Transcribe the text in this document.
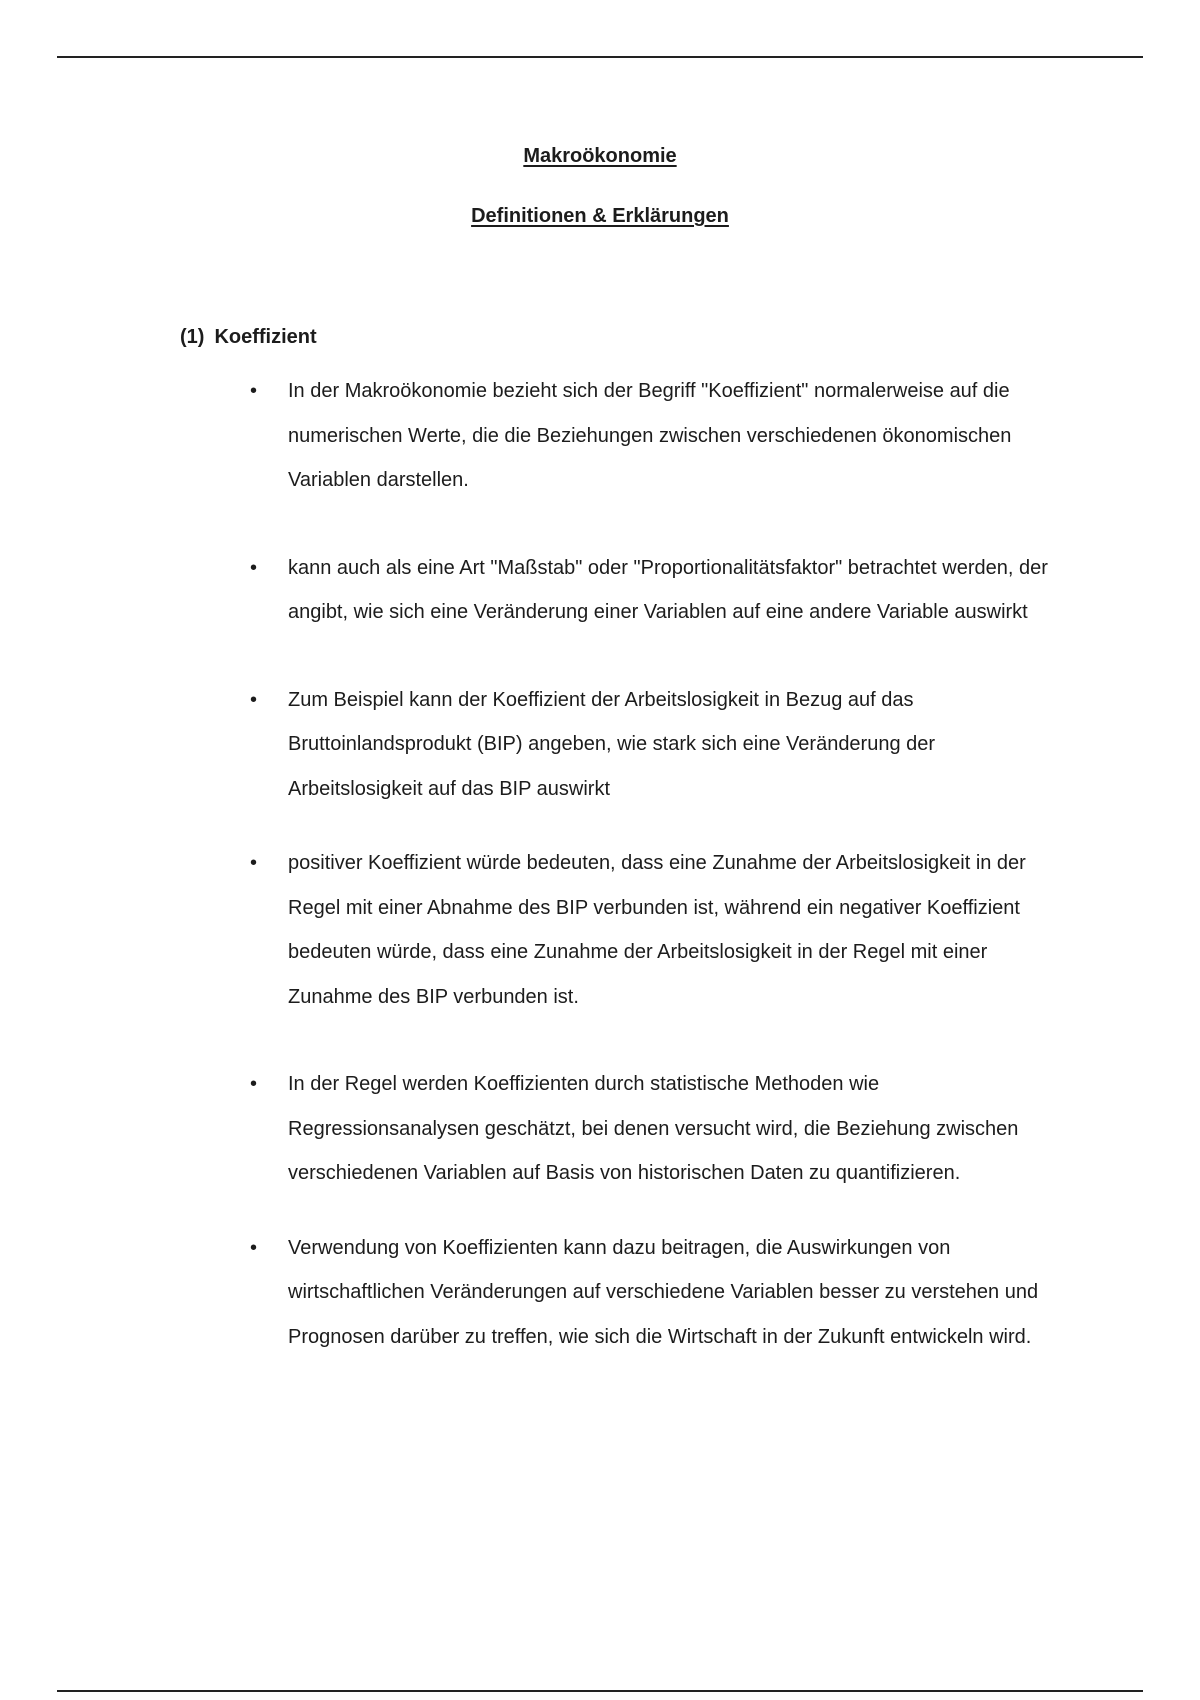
Makroökonomie
Definitionen & Erklärungen
(1) Koeffizient
• In der Makroökonomie bezieht sich der Begriff "Koeffizient" normalerweise auf die numerischen Werte, die die Beziehungen zwischen verschiedenen ökonomischen Variablen darstellen.
• kann auch als eine Art "Maßstab" oder "Proportionalitätsfaktor" betrachtet werden, der angibt, wie sich eine Veränderung einer Variablen auf eine andere Variable auswirkt
• Zum Beispiel kann der Koeffizient der Arbeitslosigkeit in Bezug auf das Bruttoinlandsprodukt (BIP) angeben, wie stark sich eine Veränderung der Arbeitslosigkeit auf das BIP auswirkt
• positiver Koeffizient würde bedeuten, dass eine Zunahme der Arbeitslosigkeit in der Regel mit einer Abnahme des BIP verbunden ist, während ein negativer Koeffizient bedeuten würde, dass eine Zunahme der Arbeitslosigkeit in der Regel mit einer Zunahme des BIP verbunden ist.
• In der Regel werden Koeffizienten durch statistische Methoden wie Regressionsanalysen geschätzt, bei denen versucht wird, die Beziehung zwischen verschiedenen Variablen auf Basis von historischen Daten zu quantifizieren.
• Verwendung von Koeffizienten kann dazu beitragen, die Auswirkungen von wirtschaftlichen Veränderungen auf verschiedene Variablen besser zu verstehen und Prognosen darüber zu treffen, wie sich die Wirtschaft in der Zukunft entwickeln wird.
